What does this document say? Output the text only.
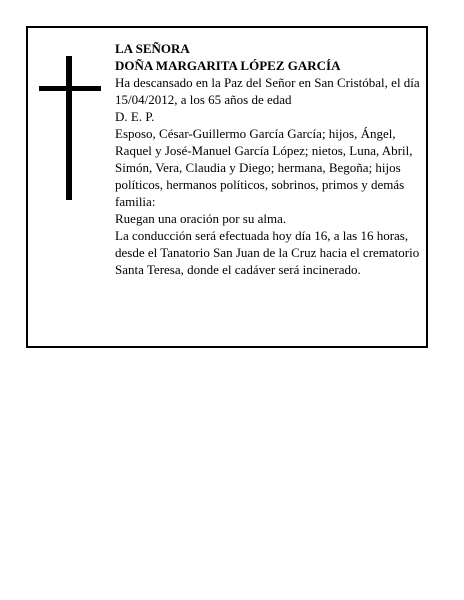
LA SEÑORA
DOÑA MARGARITA LÓPEZ GARCÍA
Ha descansado en la Paz del Señor en San Cristóbal, el día 15/04/2012, a los 65 años de edad
D. E. P.
Esposo, César-Guillermo García García; hijos, Ángel, Raquel y José-Manuel García López; nietos, Luna, Abril, Simón, Vera, Claudia y Diego; hermana, Begoña; hijos políticos, hermanos políticos, sobrinos, primos y demás familia:
Ruegan una oración por su alma.
La conducción será efectuada hoy día 16, a las 16 horas, desde el Tanatorio San Juan de la Cruz hacia el crematorio Santa Teresa, donde el cadáver será incinerado.
